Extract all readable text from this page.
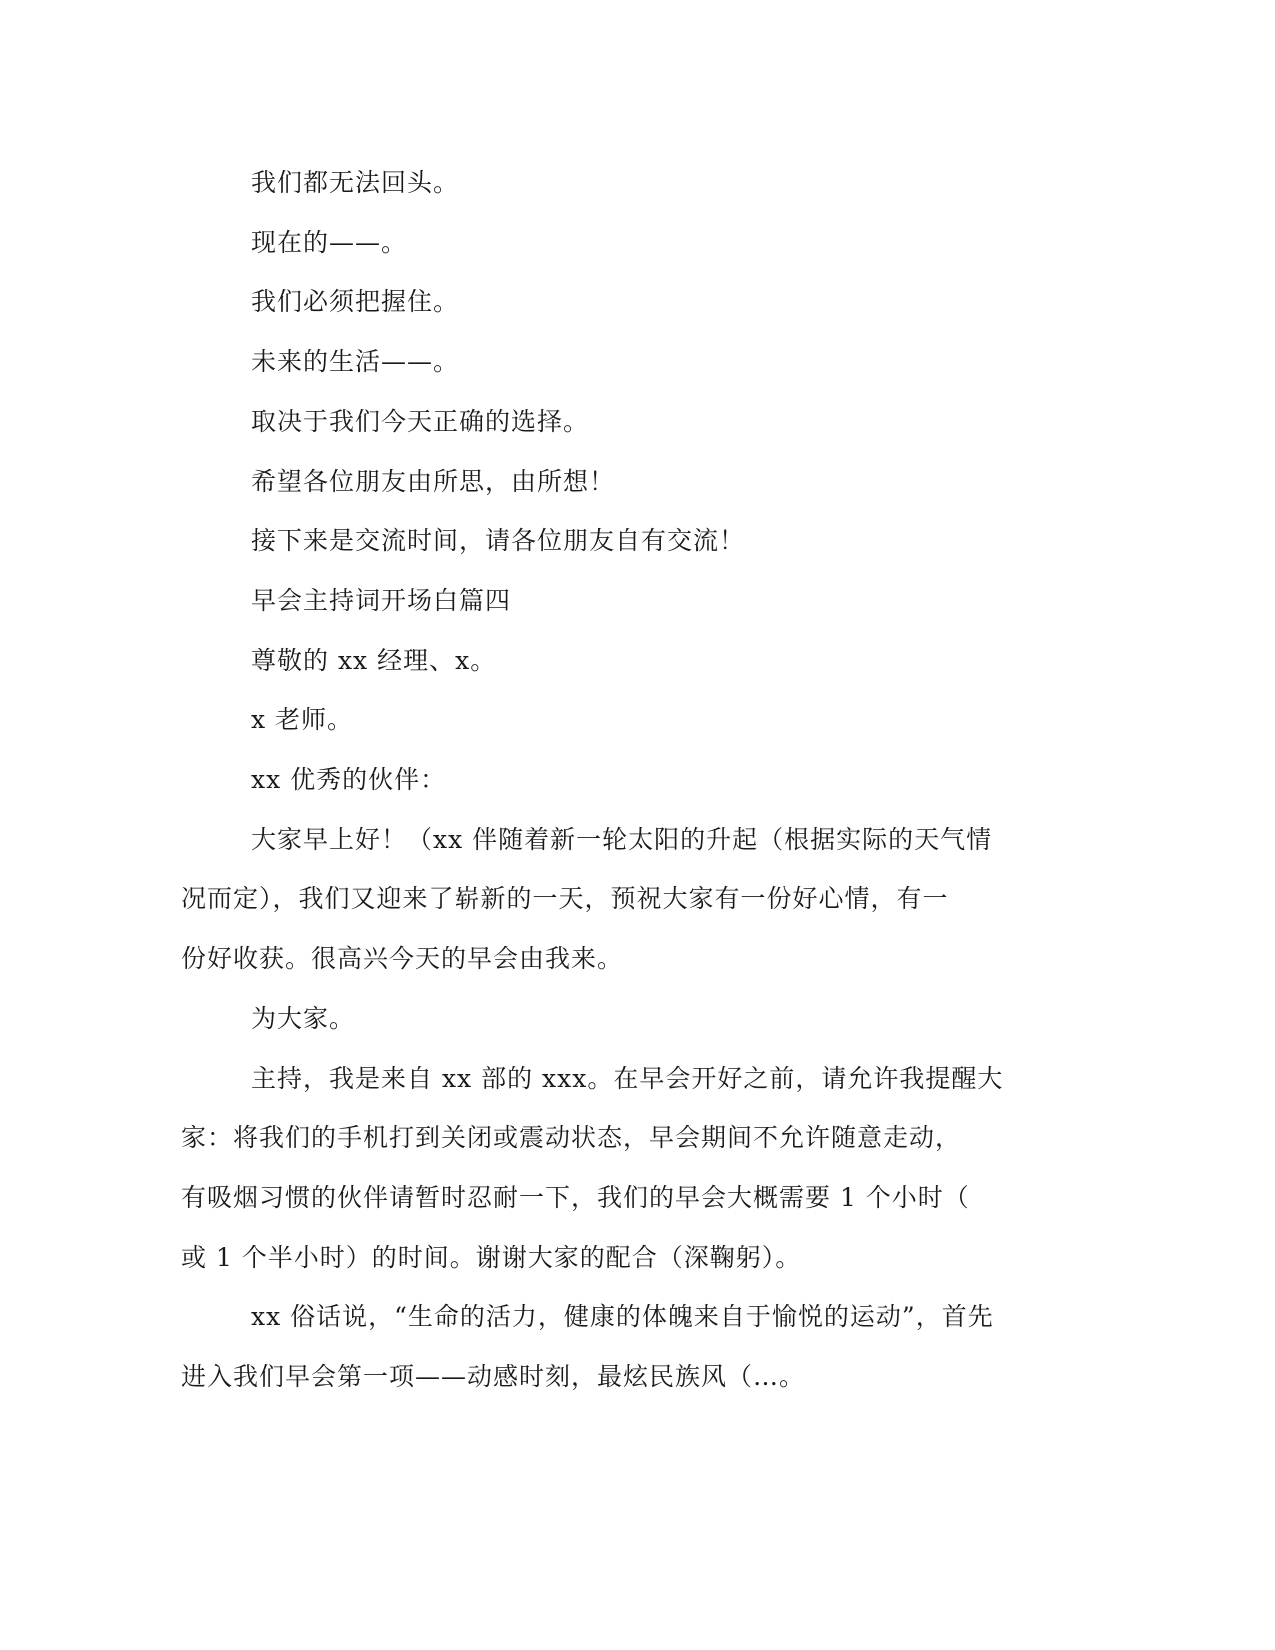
我们都无法回头。

现在的——。

我们必须把握住。

未来的生活——。

取决于我们今天正确的选择。

希望各位朋友由所思，由所想！

接下来是交流时间，请各位朋友自有交流！

早会主持词开场白篇四

尊敬的 xx 经理、x。

x 老师。

xx 优秀的伙伴：

大家早上好！（xx 伴随着新一轮太阳的升起（根据实际的天气情

况而定），我们又迎来了崭新的一天，预祝大家有一份好心情，有一

份好收获。很高兴今天的早会由我来。

为大家。

主持，我是来自 xx 部的 xxx。在早会开好之前，请允许我提醒大

家：将我们的手机打到关闭或震动状态，早会期间不允许随意走动，

有吸烟习惯的伙伴请暂时忍耐一下，我们的早会大概需要 1 个小时（

或 1 个半小时）的时间。谢谢大家的配合（深鞠躬）。

xx 俗话说，“生命的活力，健康的体魄来自于愉悦的运动”，首先

进入我们早会第一项——动感时刻，最炫民族风（…。
